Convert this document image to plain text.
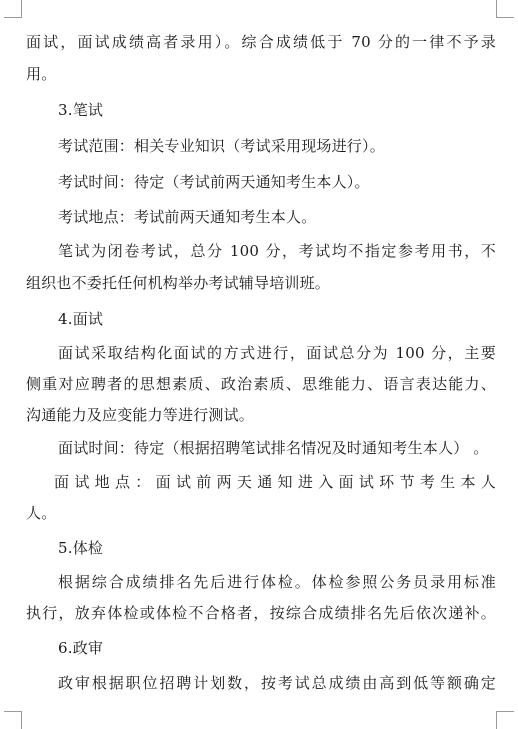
面试，面试成绩高者录用）。综合成绩低于 70 分的一律不予录
用。
3.笔试
考试范围：相关专业知识（考试采用现场进行）。
考试时间：待定（考试前两天通知考生本人）。
考试地点：考试前两天通知考生本人。
笔试为闭卷考试，总分 100 分，考试均不指定参考用书，不
组织也不委托任何机构举办考试辅导培训班。
4.面试
面试采取结构化面试的方式进行，面试总分为 100 分，主要
侧重对应聘者的思想素质、政治素质、思维能力、语言表达能力、
沟通能力及应变能力等进行测试。
面试时间：待定（根据招聘笔试排名情况及时通知考生本人） 。
面试地点：面试前两天通知进入面试环节考生本人
人。
5.体检
根据综合成绩排名先后进行体检。体检参照公务员录用标准
执行，放弃体检或体检不合格者，按综合成绩排名先后依次递补。
6.政审
政审根据职位招聘计划数，按考试总成绩由高到低等额确定
